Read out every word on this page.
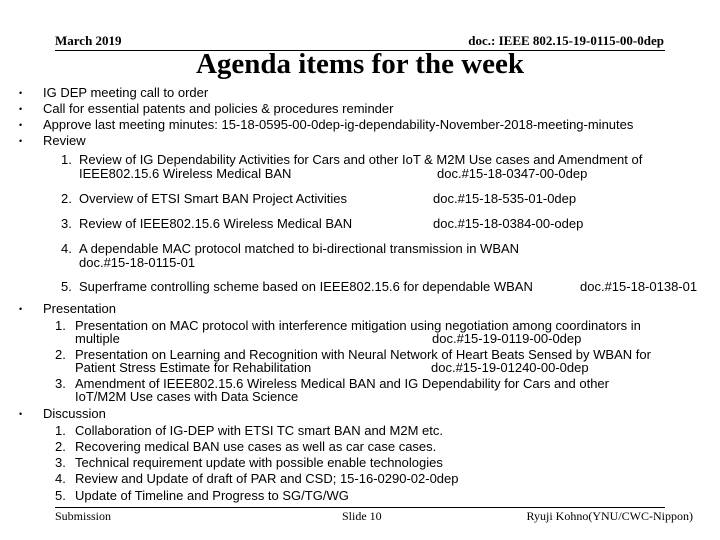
March 2019	doc.: IEEE 802.15-19-0115-00-0dep
Agenda items for the week
• IG DEP meeting call to order
• Call for essential patents and policies & procedures reminder
• Approve last meeting minutes: 15-18-0595-00-0dep-ig-dependability-November-2018-meeting-minutes
• Review
1. Review of IG Dependability Activities for Cars and other IoT & M2M Use cases and Amendment of
IEEE802.15.6 Wireless Medical BAN	doc.#15-18-0347-00-0dep
2. Overview of ETSI Smart BAN Project Activities	doc.#15-18-535-01-0dep
3. Review of IEEE802.15.6 Wireless Medical BAN	doc.#15-18-0384-00-odep
4. A dependable MAC protocol matched to bi-directional transmission in WBAN
doc.#15-18-0115-01
5. Superframe controlling scheme based on IEEE802.15.6 for dependable WBAN	doc.#15-18-0138-01
• Presentation
1. Presentation on MAC protocol with interference mitigation using negotiation among coordinators in
multiple	doc.#15-19-0119-00-0dep
2. Presentation on Learning and Recognition with Neural Network of Heart Beats Sensed by WBAN for
Patient Stress Estimate for Rehabilitation	doc.#15-19-01240-00-0dep
3. Amendment of IEEE802.15.6 Wireless Medical BAN and IG Dependability for Cars and other
IoT/M2M Use cases with Data Science
• Discussion
1. Collaboration of IG-DEP with ETSI TC smart BAN and M2M etc.
2. Recovering medical BAN use cases as well as car case cases.
3. Technical requirement update with possible enable technologies
4. Review and Update of draft of PAR and CSD; 15-16-0290-02-0dep
5. Update of Timeline and Progress to SG/TG/WG
Submission	Slide 10	Ryuji Kohno(YNU/CWC-Nippon)
